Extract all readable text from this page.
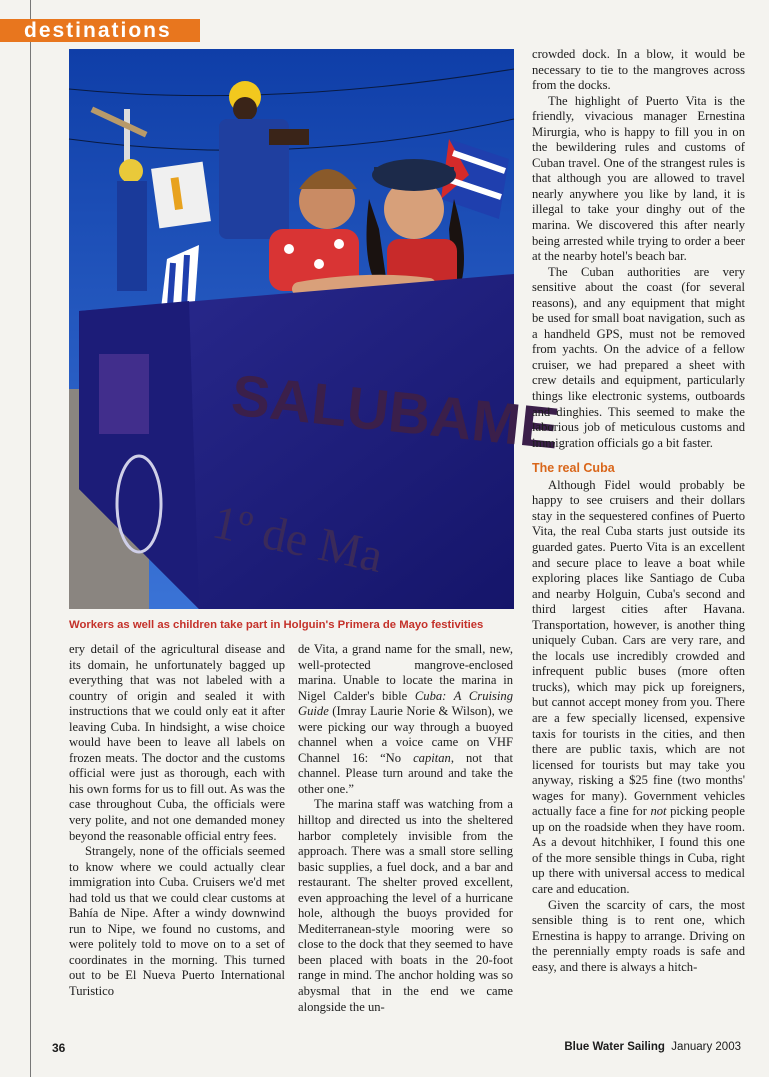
destinations
SALUBAME
1º de Ma
Workers as well as children take part in Holguin's Primera de Mayo festivities

ery detail of the agricultural disease and its domain, he unfortunately bagged up everything that was not labeled with a country of origin and sealed it with instructions that we could only eat it after leaving Cuba. In hindsight, a wise choice would have been to leave all labels on frozen meats. The doctor and the customs official were just as thorough, each with his own forms for us to fill out. As was the case throughout Cuba, the officials were very polite, and not one demanded money beyond the reasonable official entry fees.

Strangely, none of the officials seemed to know where we could actually clear immigration into Cuba. Cruisers we'd met had told us that we could clear customs at Bahía de Nipe. After a windy downwind run to Nipe, we found no customs, and were politely told to move on to a set of coordinates in the morning. This turned out to be El Nueva Puerto International Turistico

de Vita, a grand name for the small, new, well-protected mangrove-enclosed marina. Unable to locate the marina in Nigel Calder's bible Cuba: A Cruising Guide (Imray Laurie Norie & Wilson), we were picking our way through a buoyed channel when a voice came on VHF Channel 16: “No capitan, not that channel. Please turn around and take the other one.”

The marina staff was watching from a hilltop and directed us into the sheltered harbor completely invisible from the approach. There was a small store selling basic supplies, a fuel dock, and a bar and restaurant. The shelter proved excellent, even approaching the level of a hurricane hole, although the buoys provided for Mediterranean-style mooring were so close to the dock that they seemed to have been placed with boats in the 20-foot range in mind. The anchor holding was so abysmal that in the end we came alongside the un-

crowded dock. In a blow, it would be necessary to tie to the mangroves across from the docks.

The highlight of Puerto Vita is the friendly, vivacious manager Ernestina Mirurgia, who is happy to fill you in on the bewildering rules and customs of Cuban travel. One of the strangest rules is that although you are allowed to travel nearly anywhere you like by land, it is illegal to take your dinghy out of the marina. We discovered this after nearly being arrested while trying to order a beer at the nearby hotel's beach bar.

The Cuban authorities are very sensitive about the coast (for several reasons), and any equipment that might be used for small boat navigation, such as a handheld GPS, must not be removed from yachts. On the advice of a fellow cruiser, we had prepared a sheet with crew details and equipment, particularly things like electronic systems, outboards and dinghies. This seemed to make the laborious job of meticulous customs and immigration officials go a bit faster.

The real Cuba

Although Fidel would probably be happy to see cruisers and their dollars stay in the sequestered confines of Puerto Vita, the real Cuba starts just outside its guarded gates. Puerto Vita is an excellent and secure place to leave a boat while exploring places like Santiago de Cuba and nearby Holguin, Cuba's second and third largest cities after Havana. Transportation, however, is another thing uniquely Cuban. Cars are very rare, and the locals use incredibly crowded and infrequent public buses (more often trucks), which may pick up foreigners, but cannot accept money from you. There are a few specially licensed, expensive taxis for tourists in the cities, and then there are public taxis, which are not licensed for tourists but may take you anyway, risking a $25 fine (two months' wages for many). Government vehicles actually face a fine for not picking people up on the roadside when they have room. As a devout hitchhiker, I found this one of the more sensible things in Cuba, right up there with universal access to medical care and education.

Given the scarcity of cars, the most sensible thing is to rent one, which Ernestina is happy to arrange. Driving on the perennially empty roads is safe and easy, and there is always a hitch-

36	Blue Water Sailing January 2003
